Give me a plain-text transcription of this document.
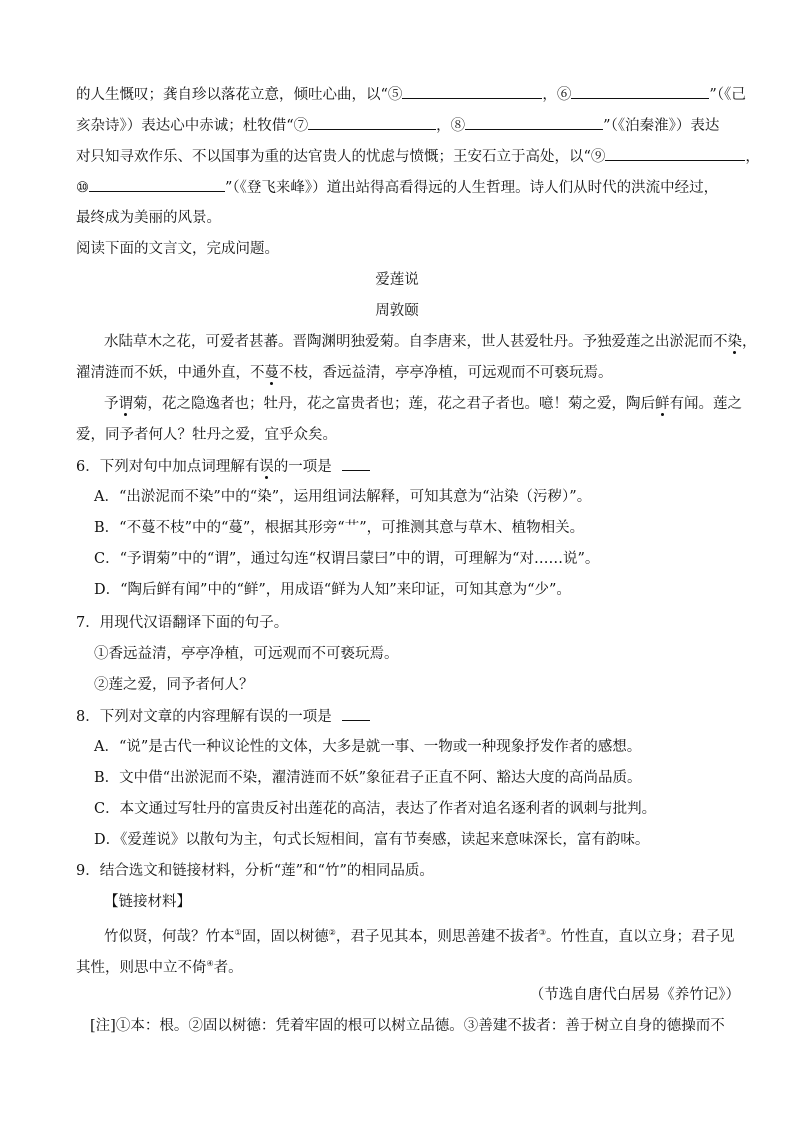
的人生慨叹；龚自珍以落花立意，倾吐心曲，以“⑤	，⑥	”（《己
亥杂诗》）表达心中赤诚；杜牧借“⑦	，⑧	”（《泊秦淮》）表达
对只知寻欢作乐、不以国事为重的达官贵人的忧虑与愤慨；王安石立于高处，以“⑨	，
⑩	”（《登飞来峰》）道出站得高看得远的人生哲理。诗人们从时代的洪流中经过，
最终成为美丽的风景。
阅读下面的文言文，完成问题。
爱莲说
周敦颐
水陆草木之花，可爱者甚蕃。晋陶渊明独爱菊。自李唐来，世人甚爱牡丹。予独爱莲之出淤泥而不染，
濯清涟而不妖，中通外直，不蔓不枝，香远益清，亭亭净植，可远观而不可亵玩焉。
予谓菊，花之隐逸者也；牡丹，花之富贵者也；莲，花之君子者也。噫！菊之爱，陶后鲜有闻。莲之
爱，同予者何人？牡丹之爱，宜乎众矣。
6．下列对句中加点词理解有误的一项是
A．“出淤泥而不染”中的“染”，运用组词法解释，可知其意为“沾染（污秽）”。
B．“不蔓不枝”中的“蔓”，根据其形旁“艹”，可推测其意与草木、植物相关。
C．“予谓菊”中的“谓”，通过勾连“权谓吕蒙曰”中的谓，可理解为“对……说”。
D．“陶后鲜有闻”中的“鲜”，用成语“鲜为人知”来印证，可知其意为“少”。
7．用现代汉语翻译下面的句子。
①香远益清，亭亭净植，可远观而不可亵玩焉。
②莲之爱，同予者何人？
8．下列对文章的内容理解有误的一项是
A．“说”是古代一种议论性的文体，大多是就一事、一物或一种现象抒发作者的感想。
B．文中借“出淤泥而不染，濯清涟而不妖”象征君子正直不阿、豁达大度的高尚品质。
C．本文通过写牡丹的富贵反衬出莲花的高洁，表达了作者对追名逐利者的讽刺与批判。
D．《爱莲说》以散句为主，句式长短相间，富有节奏感，读起来意味深长，富有韵味。
9．结合选文和链接材料，分析“莲”和“竹”的相同品质。
【链接材料】
竹似贤，何哉？竹本①固，固以树德②，君子见其本，则思善建不拔者③。竹性直，直以立身；君子见
其性，则思中立不倚④者。
（节选自唐代白居易《养竹记》）
[注]①本：根。②固以树德：凭着牢固的根可以树立品德。③善建不拔者：善于树立自身的德操而不
